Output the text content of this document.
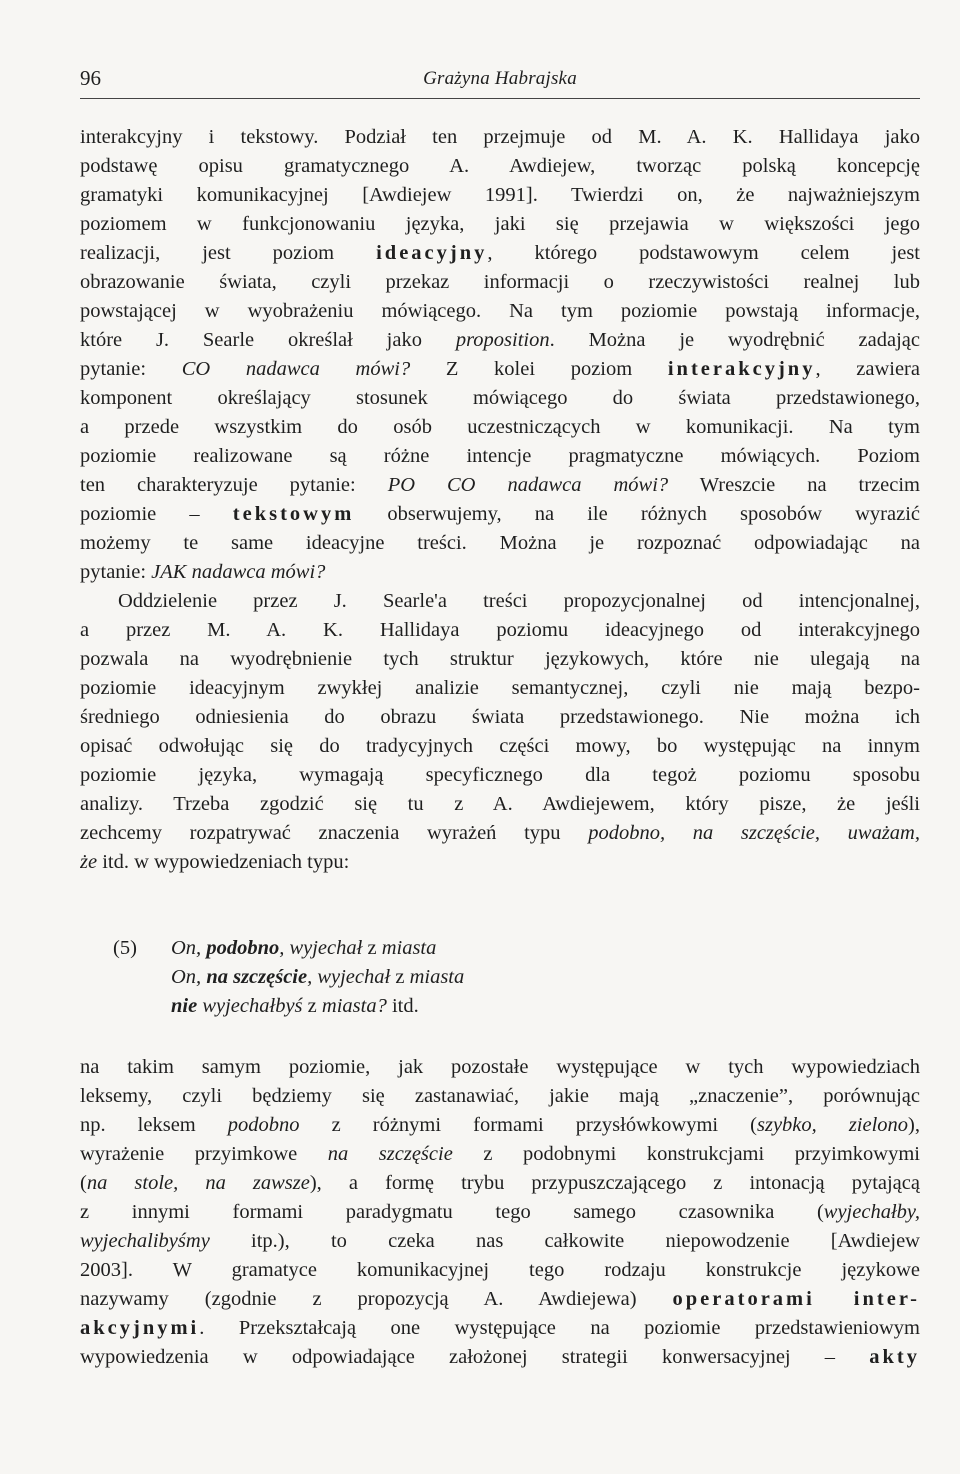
96	Grażyna Habrajska
interakcyjny i tekstowy. Podział ten przejmuje od M. A. K. Hallidaya jako
podstawę opisu gramatycznego A. Awdiejew, tworząc polską koncepcję
gramatyki komunikacyjnej [Awdiejew 1991]. Twierdzi on, że najważniejszym
poziomem w funkcjonowaniu języka, jaki się przejawia w większości jego
realizacji, jest poziom ideacyjny, którego podstawowym celem jest
obrazowanie świata, czyli przekaz informacji o rzeczywistości realnej lub
powstającej w wyobrażeniu mówiącego. Na tym poziomie powstają informacje,
które J. Searle określał jako proposition. Można je wyodrębnić zadając
pytanie: CO nadawca mówi? Z kolei poziom interakcyjny, zawiera
komponent określający stosunek mówiącego do świata przedstawionego,
a przede wszystkim do osób uczestniczących w komunikacji. Na tym
poziomie realizowane są różne intencje pragmatyczne mówiących. Poziom
ten charakteryzuje pytanie: PO CO nadawca mówi? Wreszcie na trzecim
poziomie – tekstowym obserwujemy, na ile różnych sposobów wyrazić
możemy te same ideacyjne treści. Można je rozpoznać odpowiadając na
pytanie: JAK nadawca mówi?
Oddzielenie przez J. Searle'a treści propozycjonalnej od intencjonalnej,
a przez M. A. K. Hallidaya poziomu ideacyjnego od interakcyjnego
pozwala na wyodrębnienie tych struktur językowych, które nie ulegają na
poziomie ideacyjnym zwykłej analizie semantycznej, czyli nie mają bezpo-
średniego odniesienia do obrazu świata przedstawionego. Nie można ich
opisać odwołując się do tradycyjnych części mowy, bo występując na innym
poziomie języka, wymagają specyficznego dla tegoż poziomu sposobu
analizy. Trzeba zgodzić się tu z A. Awdiejewem, który pisze, że jeśli
zechcemy rozpatrywać znaczenia wyrażeń typu podobno, na szczęście, uważam,
że itd. w wypowiedzeniach typu:
(5) On, podobno, wyjechał z miasta
On, na szczęście, wyjechał z miasta
nie wyjechałbyś z miasta? itd.
na takim samym poziomie, jak pozostałe występujące w tych wypowiedziach
leksemy, czyli będziemy się zastanawiać, jakie mają „znaczenie”, porównując
np. leksem podobno z różnymi formami przysłówkowymi (szybko, zielono),
wyrażenie przyimkowe na szczęście z podobnymi konstrukcjami przyimkowymi
(na stole, na zawsze), a formę trybu przypuszczającego z intonacją pytającą
z innymi formami paradygmatu tego samego czasownika (wyjechałby,
wyjechalibyśmy itp.), to czeka nas całkowite niepowodzenie [Awdiejew
2003]. W gramatyce komunikacyjnej tego rodzaju konstrukcje językowe
nazywamy (zgodnie z propozycją A. Awdiejewa) operatorami inter-
akcyjnymi. Przekształcają one występujące na poziomie przedstawieniowym
wypowiedzenia w odpowiadające założonej strategii konwersacyjnej – akty
